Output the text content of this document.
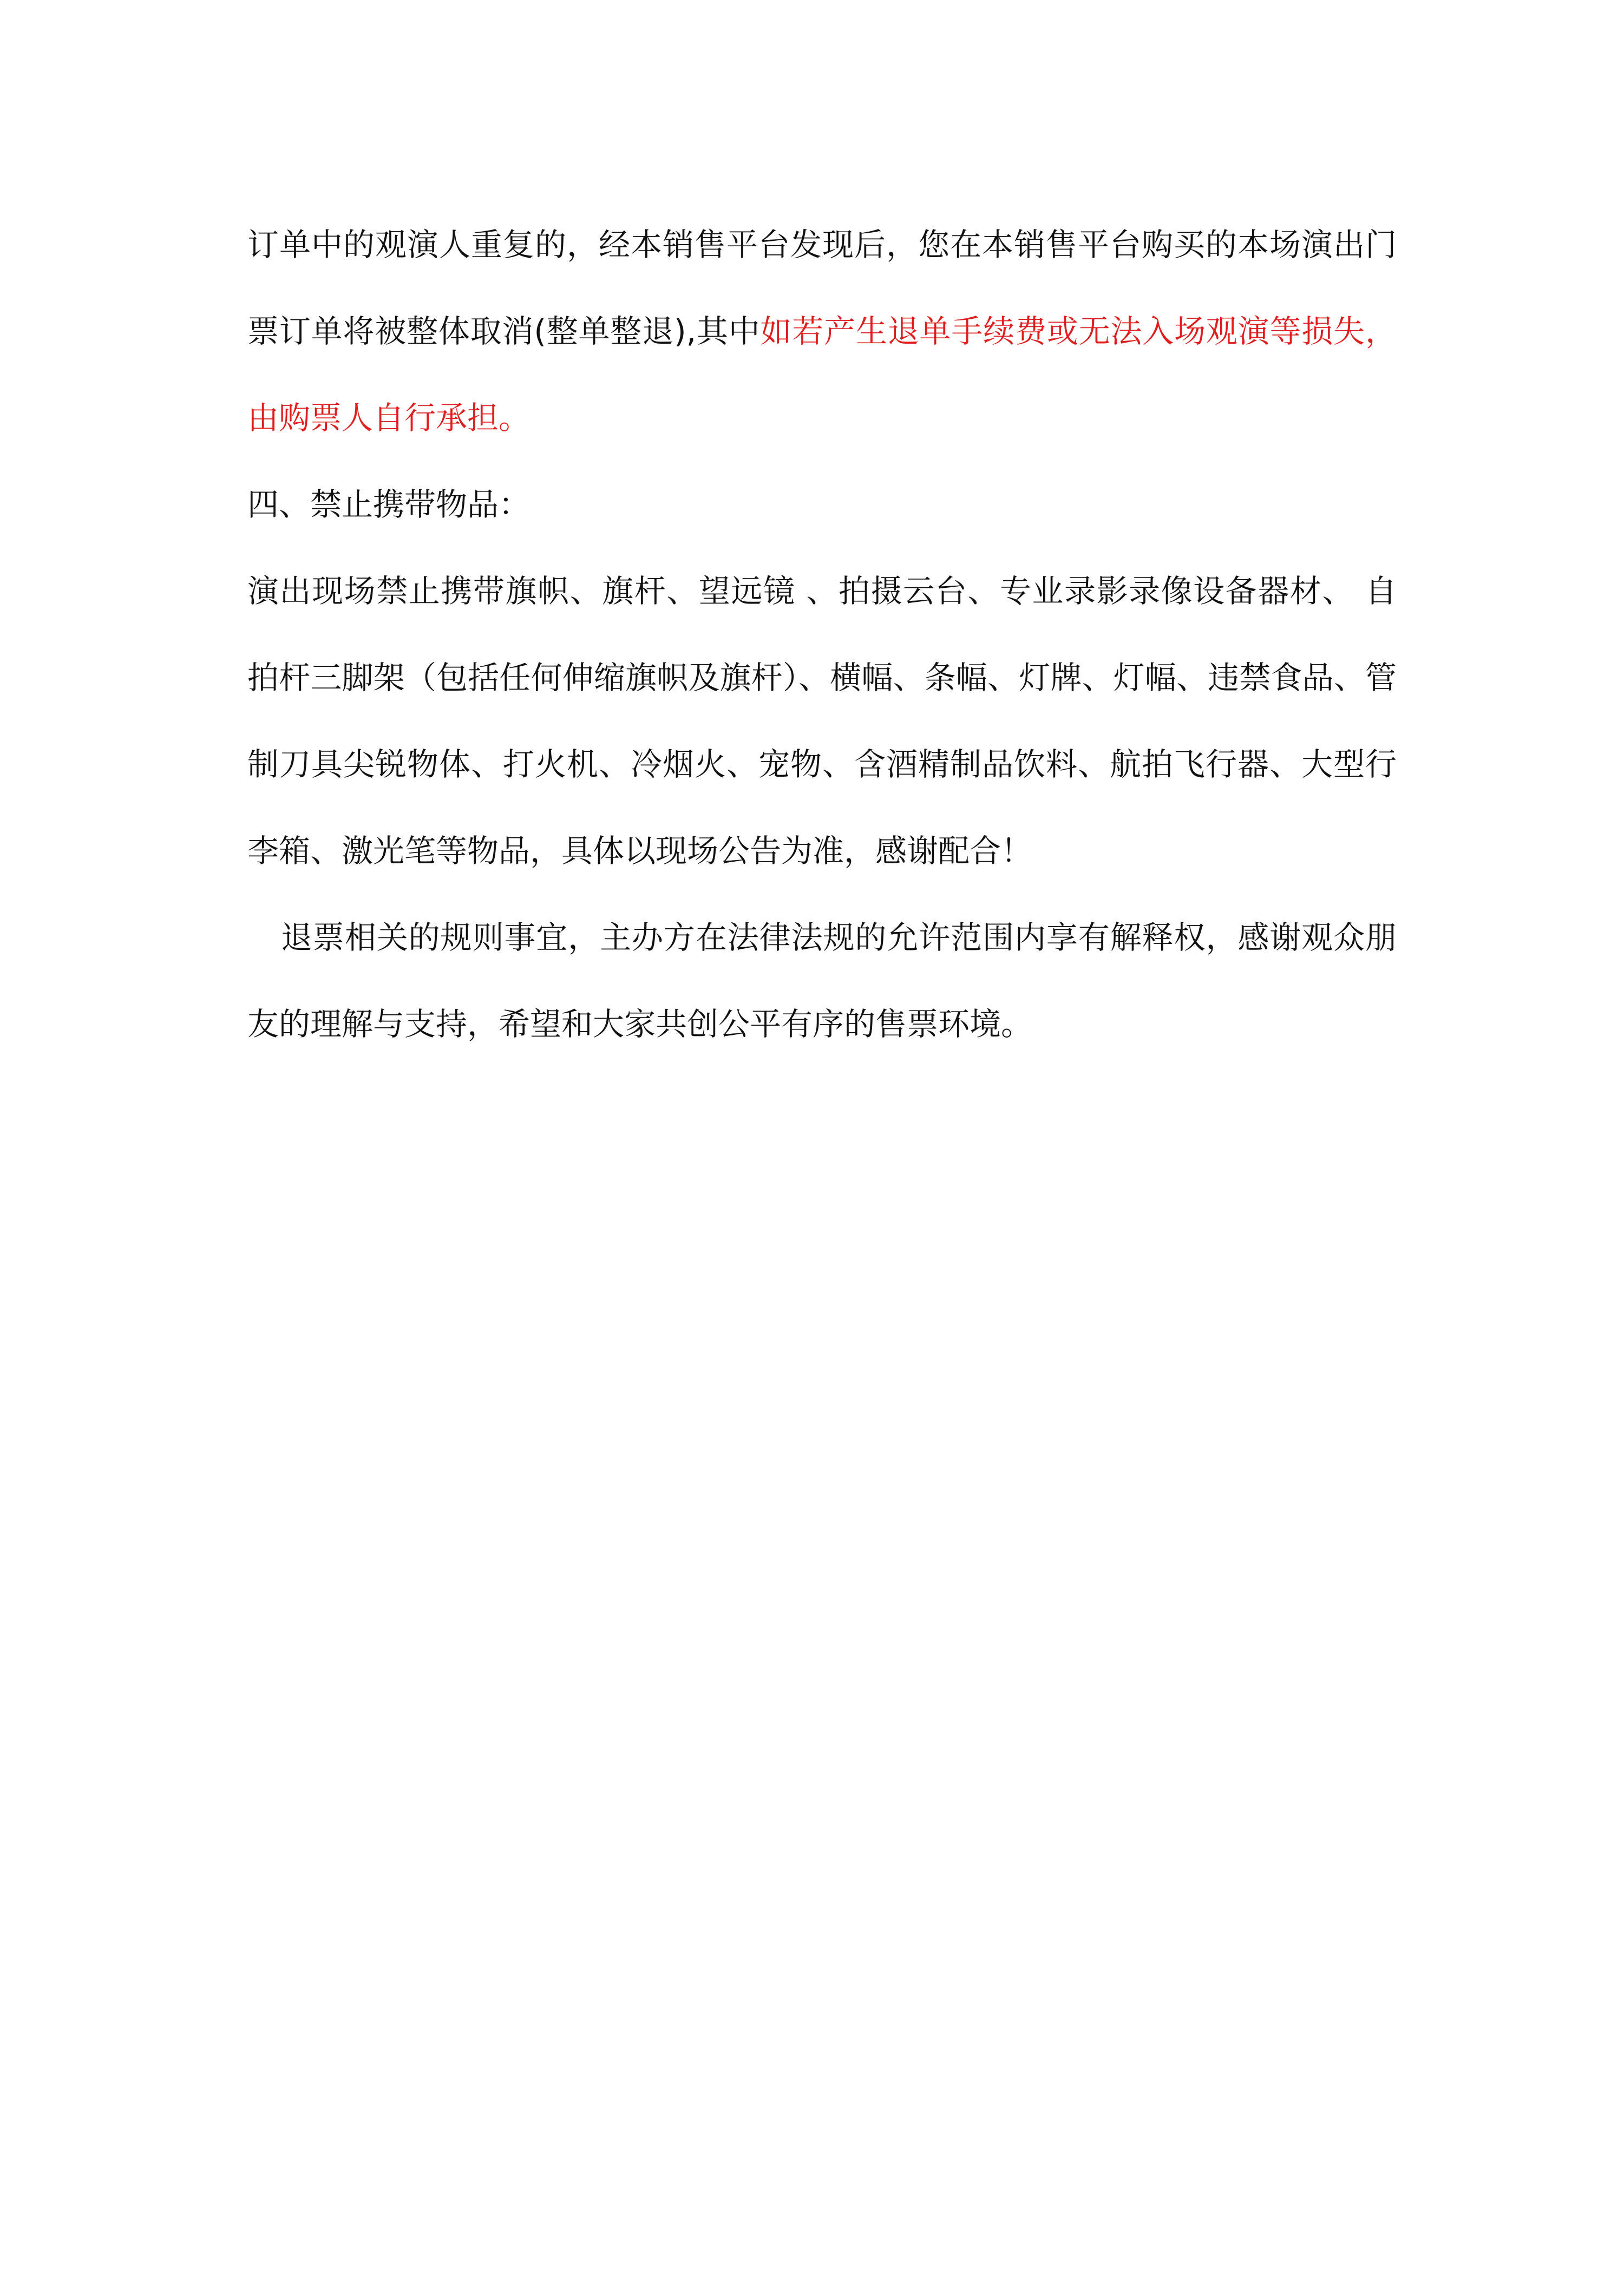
订单中的观演人重复的，经本销售平台发现后，您在本销售平台购买的本场演出门票订单将被整体取消(整单整退),其中如若产生退单手续费或无法入场观演等损失，由购票人自行承担。

四、禁止携带物品：

演出现场禁止携带旗帜、旗杆、望远镜 、拍摄云台、专业录影录像设备器材、 自拍杆三脚架（包括任何伸缩旗帜及旗杆）、横幅、条幅、灯牌、灯幅、违禁食品、管制刀具尖锐物体、打火机、冷烟火、宠物、含酒精制品饮料、航拍飞行器、大型行李箱、激光笔等物品，具体以现场公告为准，感谢配合！

退票相关的规则事宜，主办方在法律法规的允许范围内享有解释权，感谢观众朋友的理解与支持，希望和大家共创公平有序的售票环境。
